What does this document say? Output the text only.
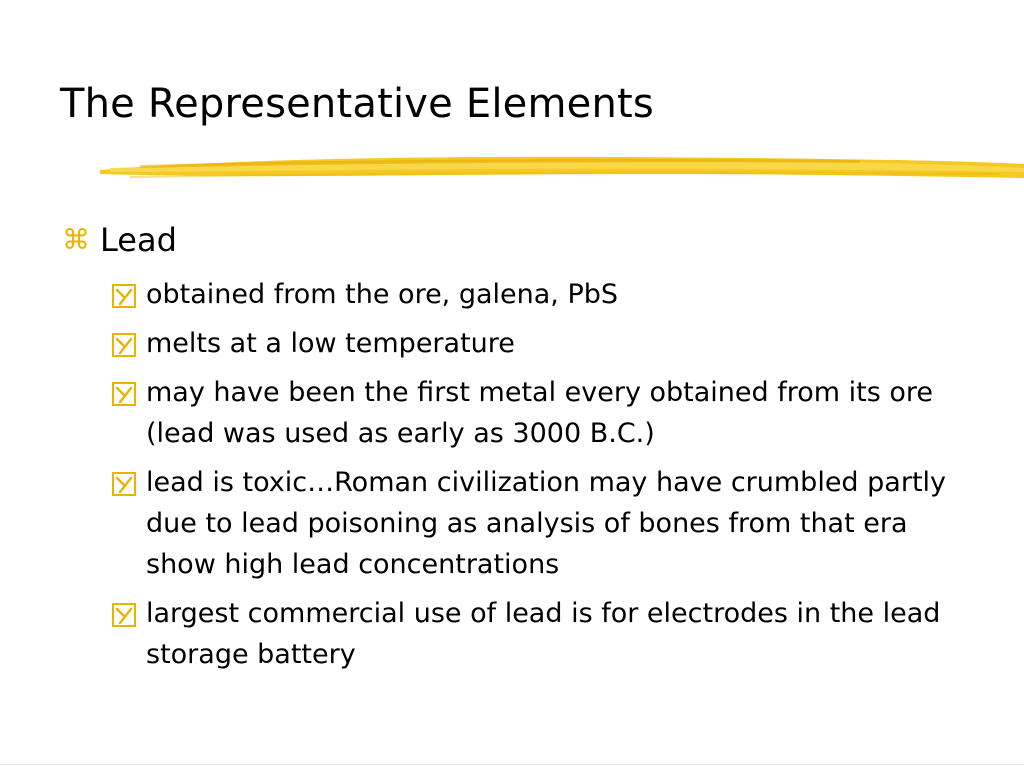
The Representative Elements
⌘ Lead
obtained from the ore, galena, PbS
melts at a low temperature
may have been the first metal every obtained from its ore (lead was used as early as 3000 B.C.)
lead is toxic…Roman civilization may have crumbled partly due to lead poisoning as analysis of bones from that era show high lead concentrations
largest commercial use of lead is for electrodes in the lead storage battery
